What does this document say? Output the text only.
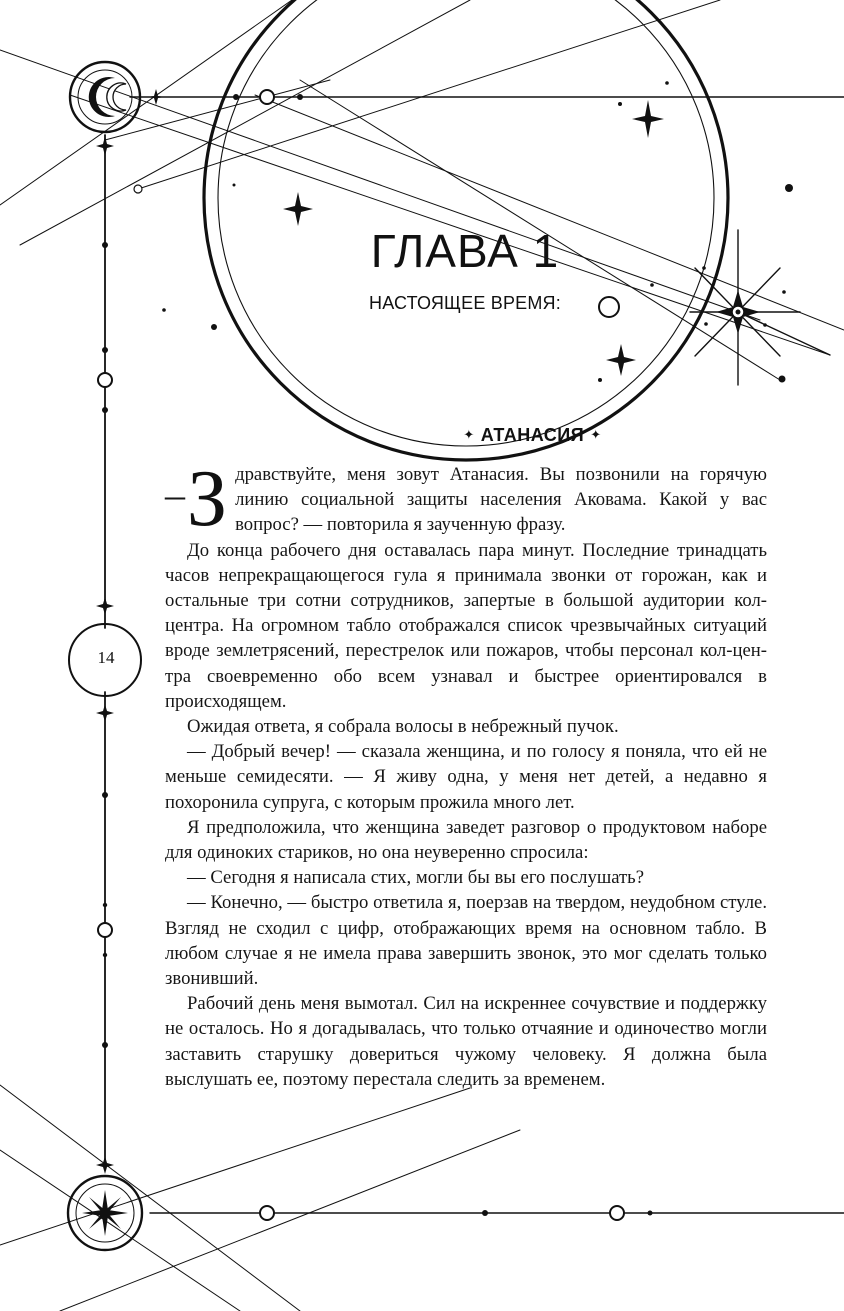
ГЛАВА 1
НАСТОЯЩЕЕ ВРЕМЯ:
✦ АТАНАСИЯ ✦
14

– З дравствуйте, меня зовут Атанасия. Вы позвонили на горячую линию социальной защиты населения Аковама. Какой у вас вопрос? — повторила я заученную фразу.

До конца рабочего дня оставалась пара минут. Последние тринадцать часов непрекращающегося гула я принимала звонки от горожан, как и остальные три сотни сотрудников, запертые в большой аудитории кол-центра. На огромном табло отображался список чрезвычайных ситуаций вроде землетрясений, перестрелок или пожаров, чтобы персонал кол-центра своевременно обо всем узнавал и быстрее ориентировался в происходящем.

Ожидая ответа, я собрала волосы в небрежный пучок.

— Добрый вечер! — сказала женщина, и по голосу я поняла, что ей не меньше семидесяти. — Я живу одна, у меня нет детей, а недавно я похоронила супруга, с которым прожила много лет.

Я предположила, что женщина заведет разговор о продуктовом наборе для одиноких стариков, но она неуверенно спросила:

— Сегодня я написала стих, могли бы вы его послушать?

— Конечно, — быстро ответила я, поерзав на твердом, неудобном стуле. Взгляд не сходил с цифр, отображающих время на основном табло. В любом случае я не имела права завершить звонок, это мог сделать только звонивший.

Рабочий день меня вымотал. Сил на искреннее сочувствие и поддержку не осталось. Но я догадывалась, что только отчаяние и одиночество могли заставить старушку довериться чужому человеку. Я должна была выслушать ее, поэтому перестала следить за временем.
